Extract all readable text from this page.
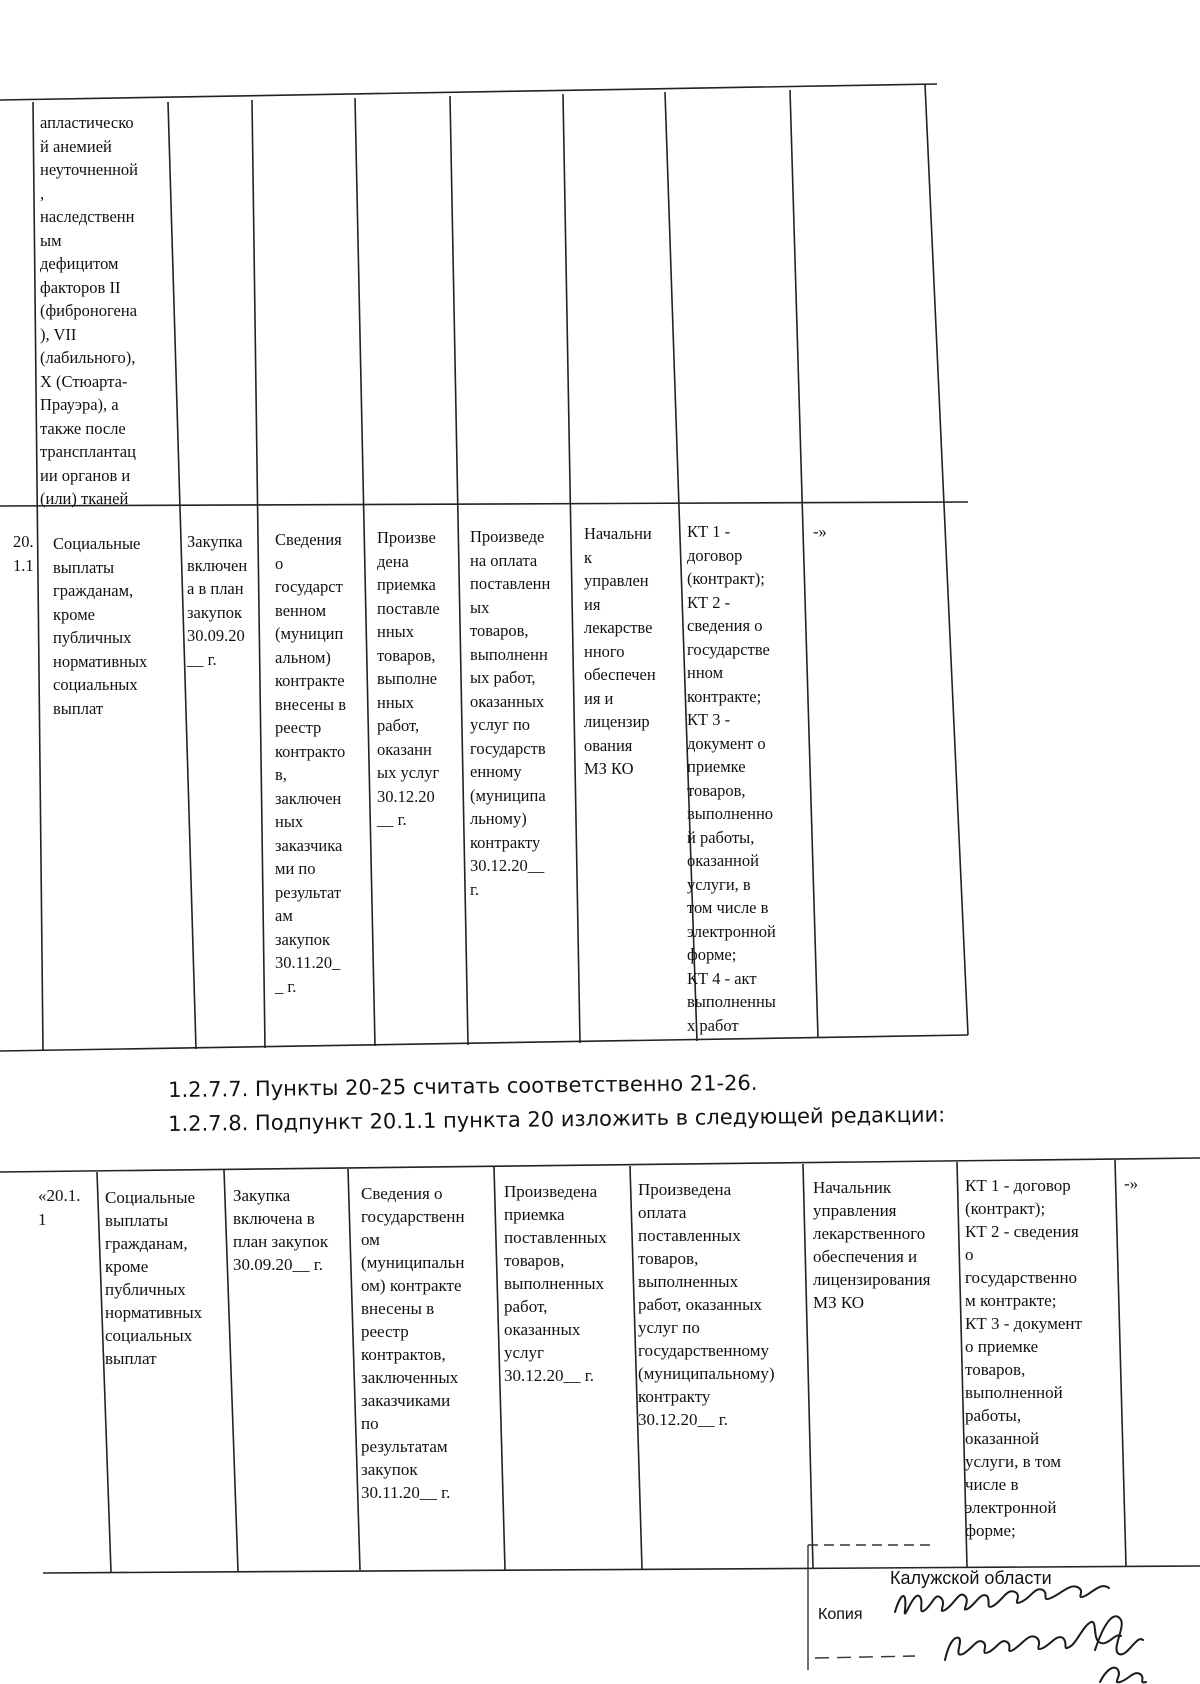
апластическо
й анемией
неуточненной
,
наследственн
ым
дефицитом
факторов II
(фиброногена
), VII
(лабильного),
X (Стюарта-
Прауэра), а
также после
трансплантац
ии органов и
(или) тканей
20.
1.1
Социальные
выплаты
гражданам,
кроме
публичных
нормативных
социальных
выплат
Закупка
включен
а в план
закупок
30.09.20
__ г.
Сведения
о
государст
венном
(муницип
альном)
контракте
внесены в
реестр
контракто
в,
заключен
ных
заказчика
ми по
результат
ам
закупок
30.11.20_
_ г.
Произве
дена
приемка
поставле
нных
товаров,
выполне
нных
работ,
оказанн
ых услуг
30.12.20
__ г.
Произведе
на оплата
поставленн
ых
товаров,
выполненн
ых работ,
оказанных
услуг по
государств
енному
(муниципа
льному)
контракту
30.12.20__
г.
Начальни
к
управлен
ия
лекарстве
нного
обеспечен
ия и
лицензир
ования
МЗ КО
КТ 1 -
договор
(контракт);
КТ 2 -
сведения о
государстве
нном
контракте;
КТ 3 -
документ о
приемке
товаров,
выполненно
й работы,
оказанной
услуги, в
том числе в
электронной
форме;
КТ 4 - акт
выполненны
х работ
-»
1.2.7.7. Пункты 20-25 считать соответственно 21-26.
1.2.7.8. Подпункт 20.1.1 пункта 20 изложить в следующей редакции:
«20.1.
1
Социальные
выплаты
гражданам,
кроме
публичных
нормативных
социальных
выплат
Закупка
включена в
план закупок
30.09.20__ г.
Сведения о
государственн
ом
(муниципальн
ом) контракте
внесены в
реестр
контрактов,
заключенных
заказчиками
по
результатам
закупок
30.11.20__ г.
Произведена
приемка
поставленных
товаров,
выполненных
работ,
оказанных
услуг
30.12.20__ г.
Произведена
оплата
поставленных
товаров,
выполненных
работ, оказанных
услуг по
государственному
(муниципальному)
контракту
30.12.20__ г.
Начальник
управления
лекарственного
обеспечения и
лицензирования
МЗ КО
КТ 1 - договор
(контракт);
КТ 2 - сведения
о
государственно
м контракте;
КТ 3 - документ
о приемке
товаров,
выполненной
работы,
оказанной
услуги, в том
числе в
электронной
форме;
-»
Калужской области
Копия
